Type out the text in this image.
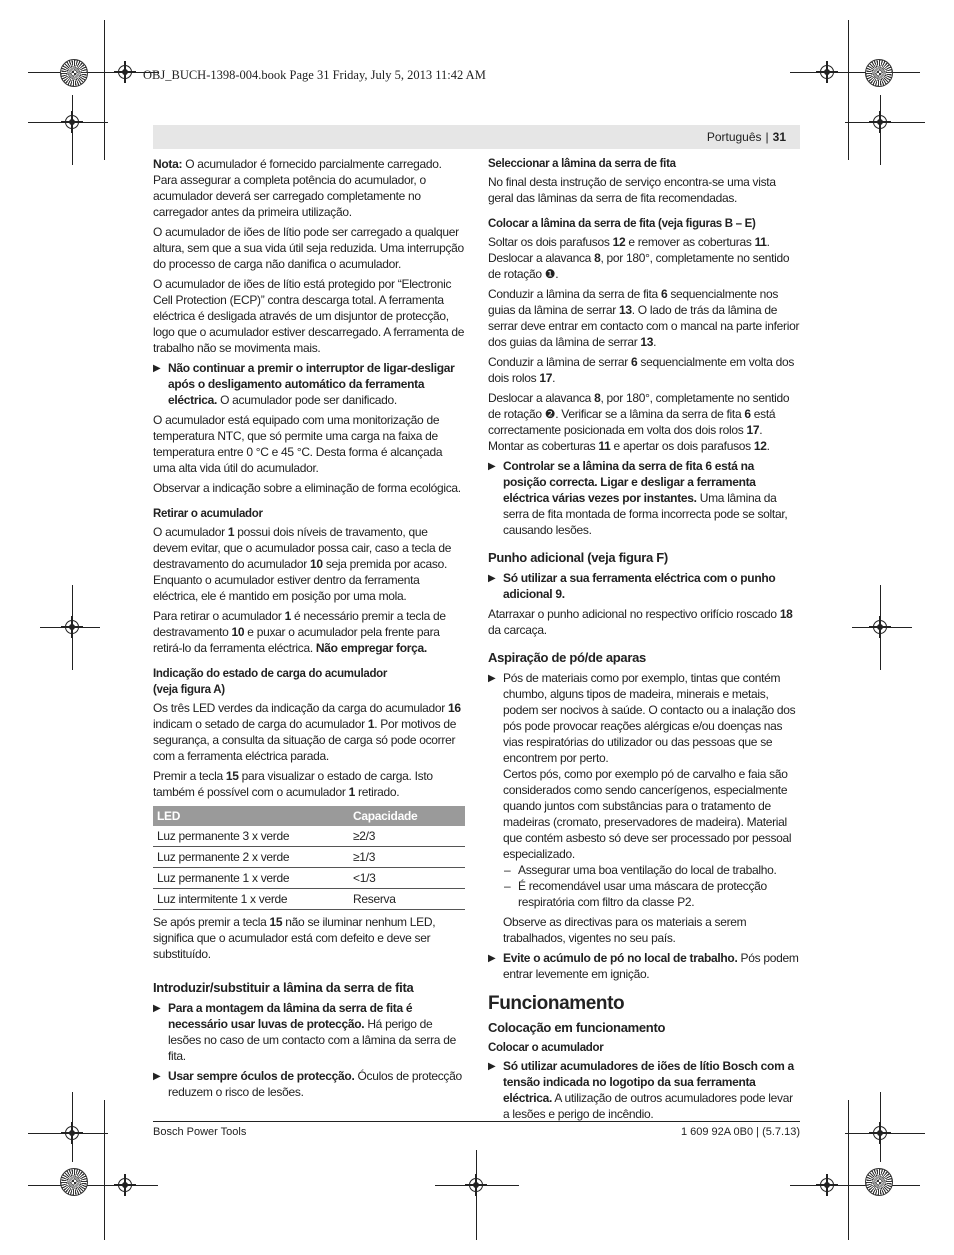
OBJ_BUCH-1398-004.book Page 31 Friday, July 5, 2013 11:42 AM
Português | 31

Nota: O acumulador é fornecido parcialmente carregado. Para assegurar a completa potência do acumulador, o acumulador deverá ser carregado completamente no carregador antes da primeira utilização.

O acumulador de iões de lítio pode ser carregado a qualquer altura, sem que a sua vida útil seja reduzida. Uma interrupção do processo de carga não danifica o acumulador.

O acumulador de iões de lítio está protegido por “Electronic Cell Protection (ECP)” contra descarga total. A ferramenta eléctrica é desligada através de um disjuntor de protecção, logo que o acumulador estiver descarregado. A ferramenta de trabalho não se movimenta mais.

▶ Não continuar a premir o interruptor de ligar-desligar após o desligamento automático da ferramenta eléctrica. O acumulador pode ser danificado.

O acumulador está equipado com uma monitorização de temperatura NTC, que só permite uma carga na faixa de temperatura entre 0 °C e 45 °C. Desta forma é alcançada uma alta vida útil do acumulador.

Observar a indicação sobre a eliminação de forma ecológica.

Retirar o acumulador

O acumulador 1 possui dois níveis de travamento, que devem evitar, que o acumulador possa cair, caso a tecla de destravamento do acumulador 10 seja premida por acaso. Enquanto o acumulador estiver dentro da ferramenta eléctrica, ele é mantido em posição por uma mola.

Para retirar o acumulador 1 é necessário premir a tecla de destravamento 10 e puxar o acumulador pela frente para retirá-lo da ferramenta eléctrica. Não empregar força.

Indicação do estado de carga do acumulador
(veja figura A)

Os três LED verdes da indicação da carga do acumulador 16 indicam o setado de carga do acumulador 1. Por motivos de segurança, a consulta da situação de carga só pode ocorrer com a ferramenta eléctrica parada.

Premir a tecla 15 para visualizar o estado de carga. Isto também é possível com o acumulador 1 retirado.

LED	Capacidade
Luz permanente 3 x verde	≥2/3
Luz permanente 2 x verde	≥1/3
Luz permanente 1 x verde	<1/3
Luz intermitente 1 x verde	Reserva

Se após premir a tecla 15 não se iluminar nenhum LED, significa que o acumulador está com defeito e deve ser substituído.

Introduzir/substituir a lâmina da serra de fita
▶ Para a montagem da lâmina da serra de fita é necessário usar luvas de protecção. Há perigo de lesões no caso de um contacto com a lâmina da serra de fita.
▶ Usar sempre óculos de protecção. Óculos de protecção reduzem o risco de lesões.
Seleccionar a lâmina da serra de fita

No final desta instrução de serviço encontra-se uma vista geral das lâminas da serra de fita recomendadas.

Colocar a lâmina da serra de fita (veja figuras B – E)

Soltar os dois parafusos 12 e remover as coberturas 11. Deslocar a alavanca 8, por 180°, completamente no sentido de rotação ❶.

Conduzir a lâmina da serra de fita 6 sequencialmente nos guias da lâmina de serrar 13. O lado de trás da lâmina de serrar deve entrar em contacto com o mancal na parte inferior dos guias da lâmina de serrar 13.

Conduzir a lâmina de serrar 6 sequencialmente em volta dos dois rolos 17.

Deslocar a alavanca 8, por 180°, completamente no sentido de rotação ❷. Verificar se a lâmina da serra de fita 6 está correctamente posicionada em volta dos dois rolos 17. Montar as coberturas 11 e apertar os dois parafusos 12.

▶ Controlar se a lâmina da serra de fita 6 está na posição correcta. Ligar e desligar a ferramenta eléctrica várias vezes por instantes. Uma lâmina da serra de fita montada de forma incorrecta pode se soltar, causando lesões.
Punho adicional (veja figura F)
▶ Só utilizar a sua ferramenta eléctrica com o punho adicional 9.

Atarraxar o punho adicional no respectivo orifício roscado 18 da carcaça.

Aspiração de pó/de aparas
▶ Pós de materiais como por exemplo, tintas que contém chumbo, alguns tipos de madeira, minerais e metais, podem ser nocivos à saúde. O contacto ou a inalação dos pós pode provocar reações alérgicas e/ou doenças nas vias respiratórias do utilizador ou das pessoas que se encontrem por perto.
Certos pós, como por exemplo pó de carvalho e faia são considerados como sendo cancerígenos, especialmente quando juntos com substâncias para o tratamento de madeiras (cromato, preservadores de madeira). Material que contém asbesto só deve ser processado por pessoal especializado.
– Assegurar uma boa ventilação do local de trabalho.
– É recomendável usar uma máscara de protecção respiratória com filtro da classe P2.
Observe as directivas para os materiais a serem trabalhados, vigentes no seu país.
▶ Evite o acúmulo de pó no local de trabalho. Pós podem entrar levemente em ignição.
Funcionamento
Colocação em funcionamento
Colocar o acumulador
▶ Só utilizar acumuladores de iões de lítio Bosch com a tensão indicada no logotipo da sua ferramenta eléctrica. A utilização de outros acumuladores pode levar a lesões e perigo de incêndio.
Bosch Power Tools	1 609 92A 0B0 | (5.7.13)
